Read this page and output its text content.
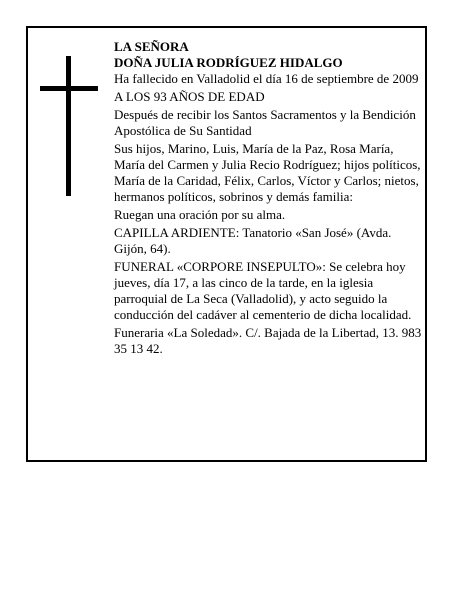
LA SEÑORA

DOÑA JULIA RODRÍGUEZ HIDALGO

Ha fallecido en Valladolid el día 16 de septiembre de 2009

A LOS 93 AÑOS DE EDAD

Después de recibir los Santos Sacramentos y la Bendición Apostólica de Su Santidad

Sus hijos, Marino, Luis, María de la Paz, Rosa María, María del Carmen y Julia Recio Rodríguez; hijos políticos, María de la Caridad, Félix, Carlos, Víctor y Carlos; nietos, hermanos políticos, sobrinos y demás familia:

Ruegan una oración por su alma.

CAPILLA ARDIENTE: Tanatorio «San José» (Avda. Gijón, 64).

FUNERAL «CORPORE INSEPULTO»: Se celebra hoy jueves, día 17, a las cinco de la tarde, en la iglesia parroquial de La Seca (Valladolid), y acto seguido la conducción del cadáver al cementerio de dicha localidad.

Funeraria «La Soledad». C/. Bajada de la Libertad, 13. 983 35 13 42.
